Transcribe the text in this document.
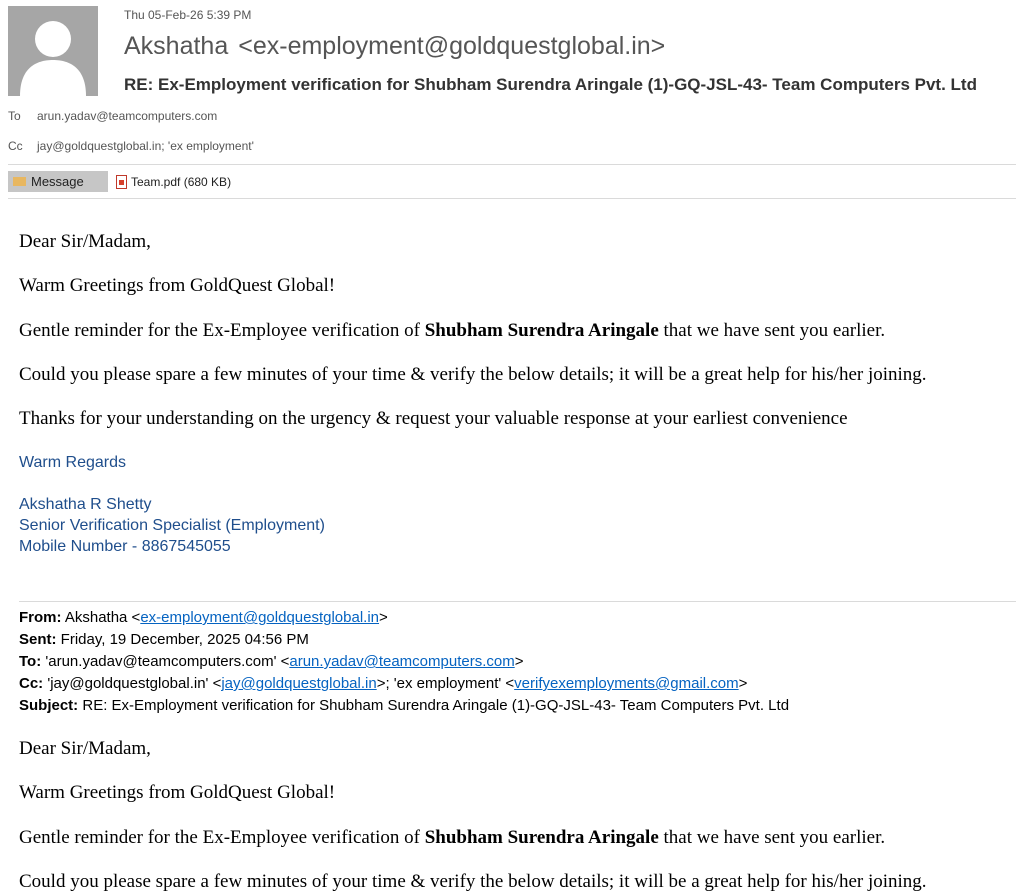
Thu 05-Feb-26 5:39 PM
Akshatha <ex-employment@goldquestglobal.in>
RE: Ex-Employment verification for Shubham Surendra Aringale (1)-GQ-JSL-43- Team Computers Pvt. Ltd
To arun.yadav@teamcomputers.com
Cc jay@goldquestglobal.in; 'ex employment'
Message	Team.pdf
(680 KB)
Dear Sir/Madam,
Warm Greetings from GoldQuest Global!
Gentle reminder for the Ex-Employee verification of Shubham Surendra Aringale that we have sent you earlier.
Could you please spare a few minutes of your time & verify the below details; it will be a great help for his/her joining.
Thanks for your understanding on the urgency & request your valuable response at your earliest convenience
Warm Regards
Akshatha R Shetty
Senior Verification Specialist (Employment)
Mobile Number - 8867545055
From: Akshatha <ex-employment@goldquestglobal.in>
Sent: Friday, 19 December, 2025 04:56 PM
To: 'arun.yadav@teamcomputers.com' <arun.yadav@teamcomputers.com>
Cc: 'jay@goldquestglobal.in' <jay@goldquestglobal.in>; 'ex employment' <verifyexemployments@gmail.com>
Subject: RE: Ex-Employment verification for Shubham Surendra Aringale (1)-GQ-JSL-43- Team Computers Pvt. Ltd
Dear Sir/Madam,
Warm Greetings from GoldQuest Global!
Gentle reminder for the Ex-Employee verification of Shubham Surendra Aringale that we have sent you earlier.
Could you please spare a few minutes of your time & verify the below details; it will be a great help for his/her joining.
